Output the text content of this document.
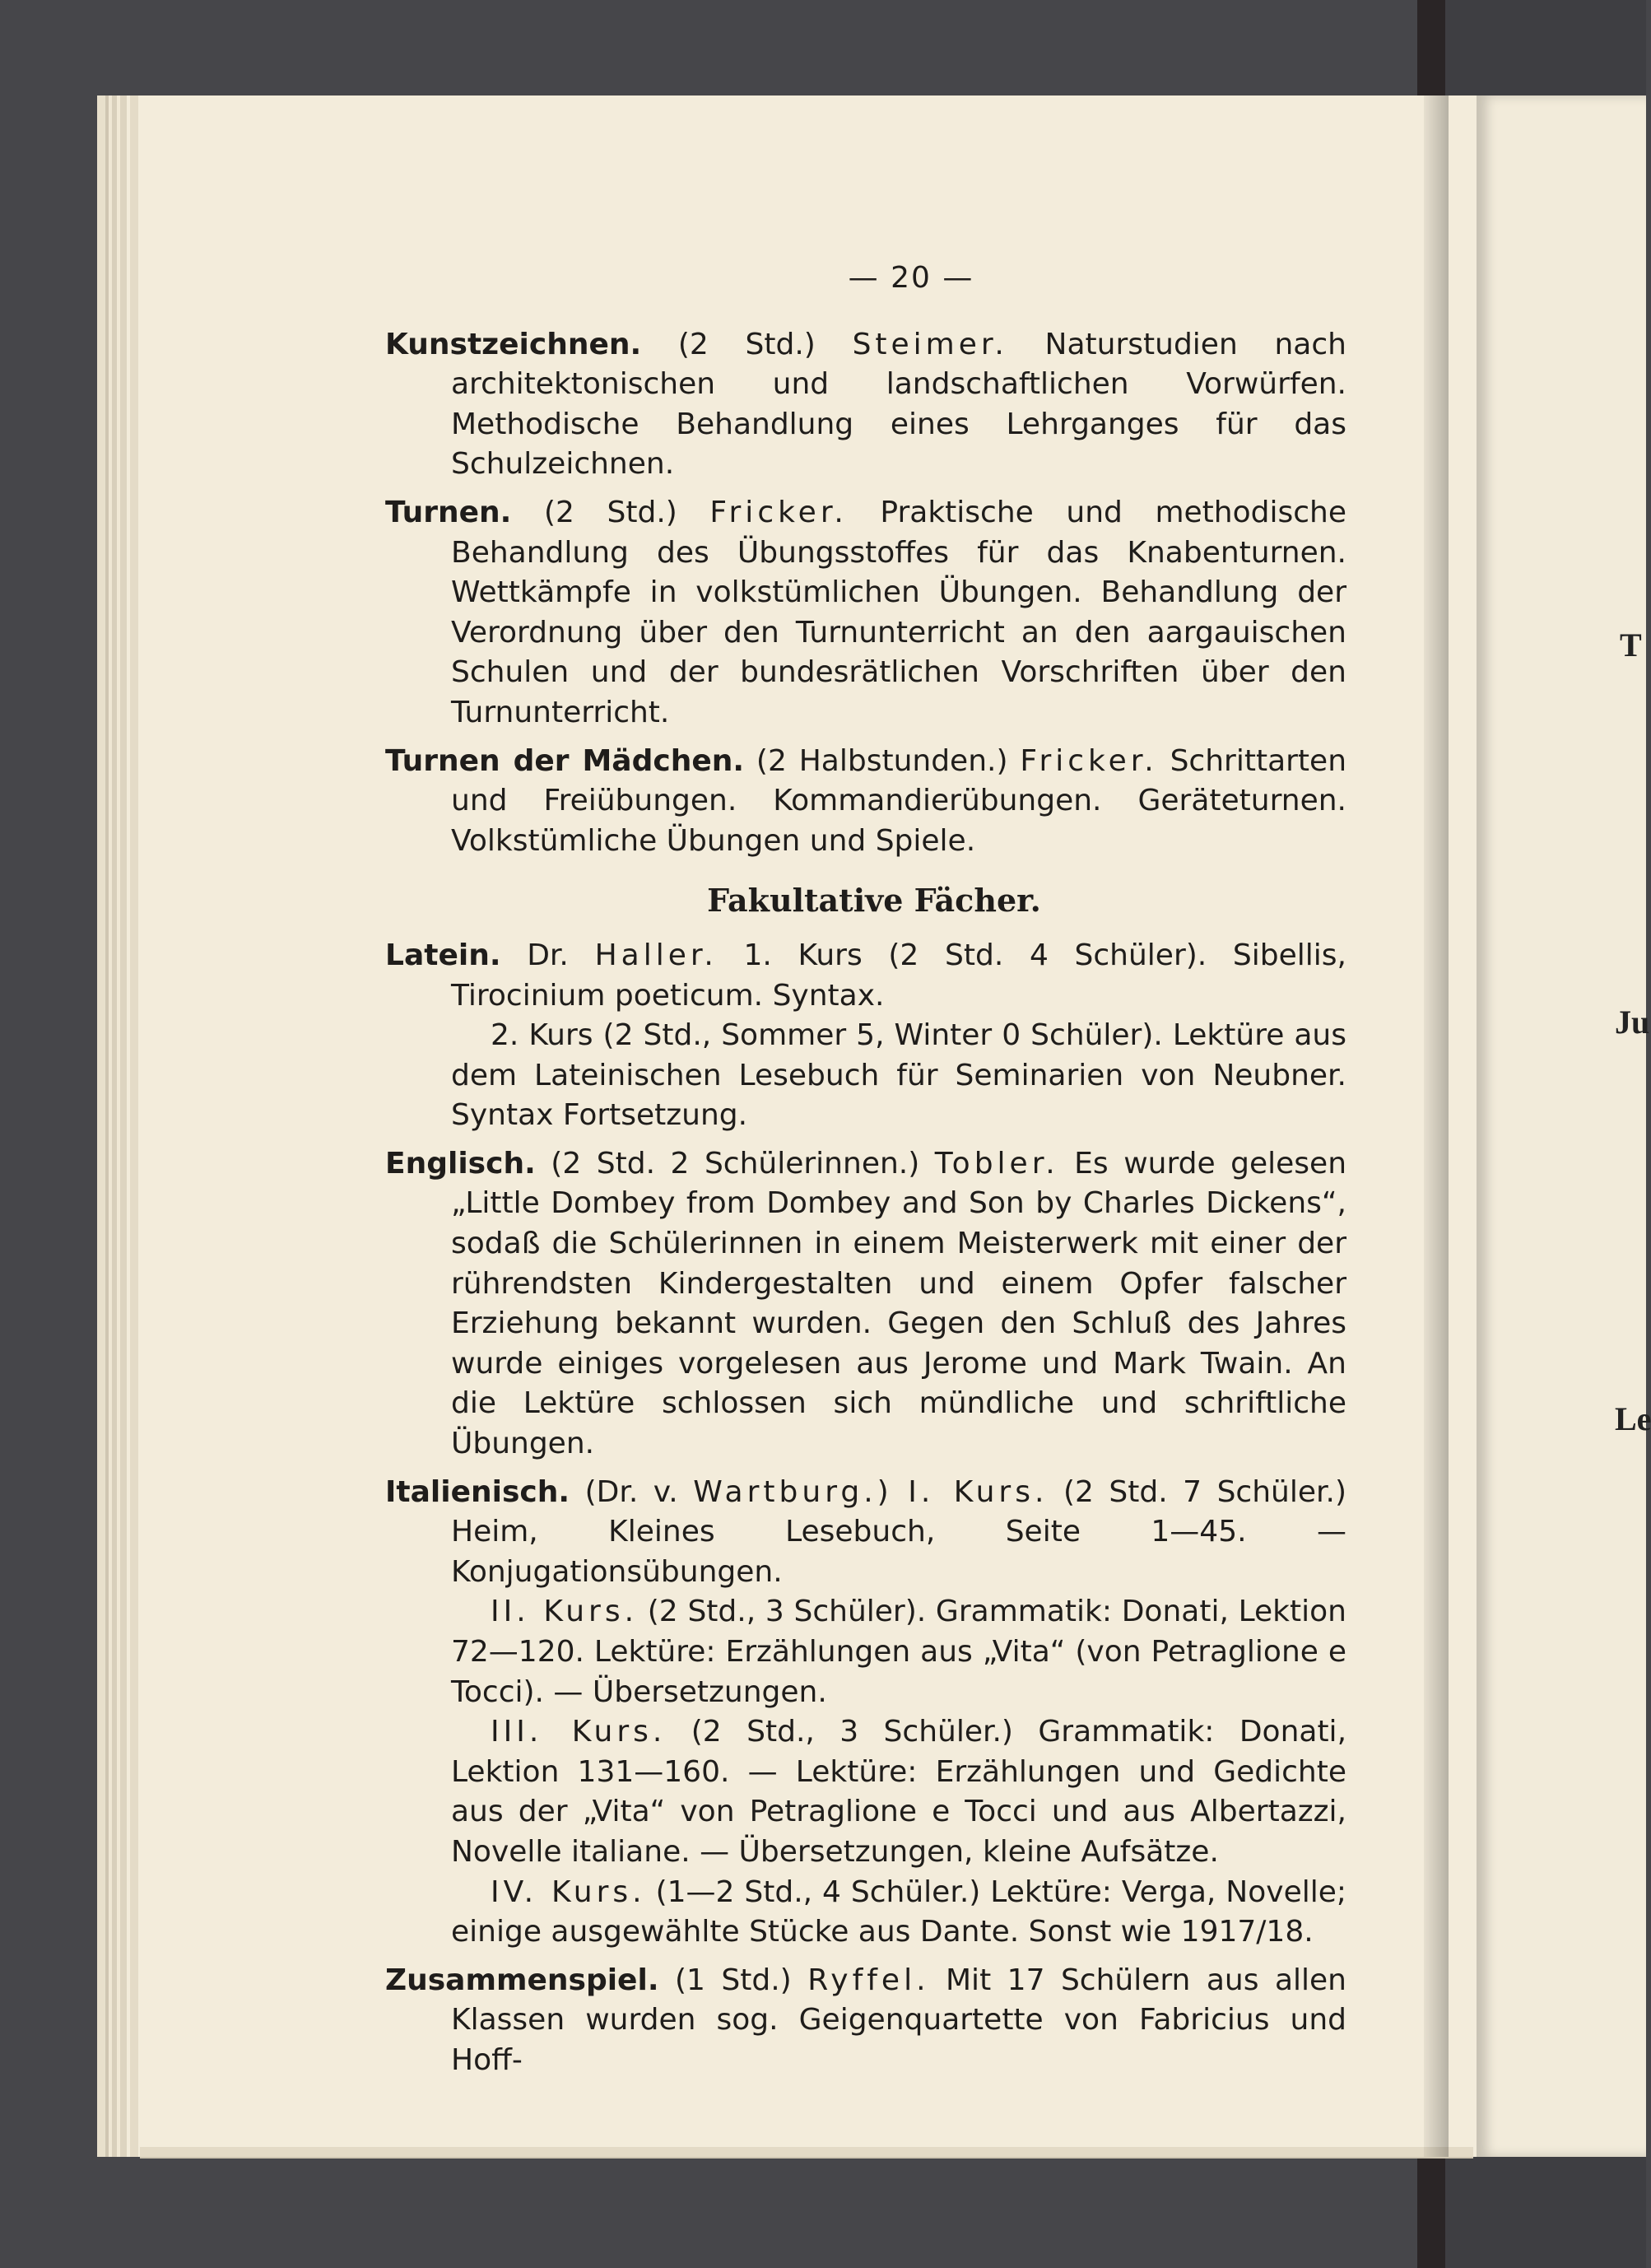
T
Ju
Le
— 20 —
Kunstzeichnen. (2 Std.) Steimer. Naturstudien nach architektonischen und landschaftlichen Vorwürfen. Methodische Behandlung eines Lehrganges für das Schulzeichnen.
Turnen. (2 Std.) Fricker. Praktische und methodische Behandlung des Übungsstoffes für das Knabenturnen. Wettkämpfe in volkstümlichen Übungen. Behandlung der Verordnung über den Turnunterricht an den aargauischen Schulen und der bundesrätlichen Vorschriften über den Turnunterricht.
Turnen der Mädchen. (2 Halbstunden.) Fricker. Schrittarten und Freiübungen. Kommandierübungen. Geräteturnen. Volkstümliche Übungen und Spiele.
Fakultative Fächer.
Latein. Dr. Haller. 1. Kurs (2 Std. 4 Schüler). Sibellis, Tirocinium poeticum. Syntax.

2. Kurs (2 Std., Sommer 5, Winter 0 Schüler). Lektüre aus dem Lateinischen Lesebuch für Seminarien von Neubner. Syntax Fortsetzung.

Englisch. (2 Std. 2 Schülerinnen.) Tobler. Es wurde gelesen „Little Dombey from Dombey and Son by Charles Dickens“, sodaß die Schülerinnen in einem Meisterwerk mit einer der rührendsten Kindergestalten und einem Opfer falscher Erziehung bekannt wurden. Gegen den Schluß des Jahres wurde einiges vorgelesen aus Jerome und Mark Twain. An die Lektüre schlossen sich mündliche und schriftliche Übungen.
Italienisch. (Dr. v. Wartburg.) I. Kurs. (2 Std. 7 Schüler.) Heim, Kleines Lesebuch, Seite 1—45. — Konjugationsübungen.

II. Kurs. (2 Std., 3 Schüler). Grammatik: Donati, Lektion 72—120. Lektüre: Erzählungen aus „Vita“ (von Petraglione e Tocci). — Übersetzungen.

III. Kurs. (2 Std., 3 Schüler.) Grammatik: Donati, Lektion 131—160. — Lektüre: Erzählungen und Gedichte aus der „Vita“ von Petraglione e Tocci und aus Albertazzi, Novelle italiane. — Übersetzungen, kleine Aufsätze.

IV. Kurs. (1—2 Std., 4 Schüler.) Lektüre: Verga, Novelle; einige ausgewählte Stücke aus Dante. Sonst wie 1917/18.

Zusammenspiel. (1 Std.) Ryffel. Mit 17 Schülern aus allen Klassen wurden sog. Geigenquartette von Fabricius und Hoff-
